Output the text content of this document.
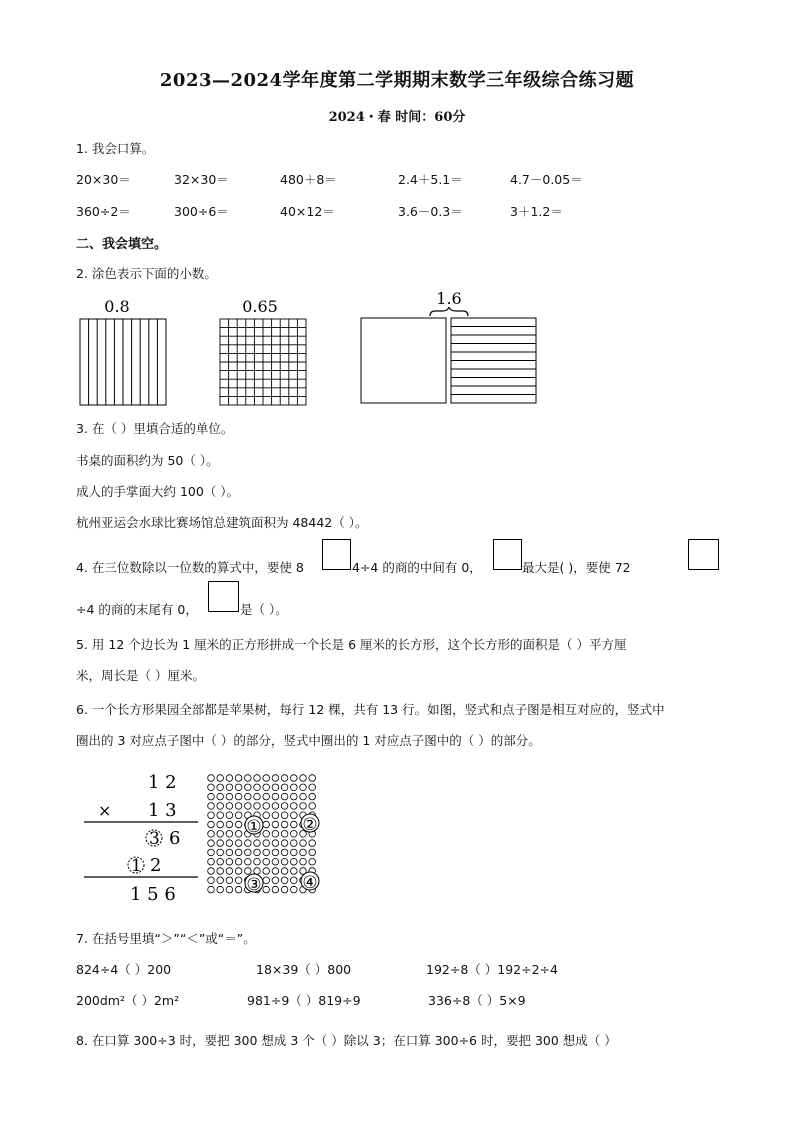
2023—2024学年度第二学期期末数学三年级综合练习题
2024・春 时间：60分
1. 我会口算。
20×30＝	32×30＝	480＋8＝	2.4＋5.1＝	4.7－0.05＝
360÷2＝	300÷6＝	40×12＝	3.6－0.3＝	3＋1.2＝
二、我会填空。
2. 涂色表示下面的小数。
0.8	0.65	1.6
3. 在（ ）里填合适的单位。
书桌的面积约为 50（ ）。
成人的手掌面大约 100（ ）。
杭州亚运会水球比赛场馆总建筑面积为 48442（ ）。
4. 在三位数除以一位数的算式中，要使 8	4÷4 的商的中间有 0，	最大是( )，要使 72
÷4 的商的末尾有 0，	是（ ）。
5. 用 12 个边长为 1 厘米的正方形拼成一个长是 6 厘米的长方形，这个长方形的面积是（ ）平方厘
米，周长是（ ）厘米。
6. 一个长方形果园全部都是苹果树，每行 12 棵，共有 13 行。如图，竖式和点子图是相互对应的，竖式中
圈出的 3 对应点子图中（ ）的部分，竖式中圈出的 1 对应点子图中的（ ）的部分。
1 2
× 1 3
3 6
1 2
1 5 6
① ②
③ ④
7. 在括号里填“＞”“＜”或“＝”。
824÷4（ ）200	18×39（ ）800	192÷8（ ）192÷2÷4
200dm²（ ）2m²	981÷9（ ）819÷9	336÷8（ ）5×9
8. 在口算 300÷3 时，要把 300 想成 3 个（ ）除以 3；在口算 300÷6 时，要把 300 想成（ ）
